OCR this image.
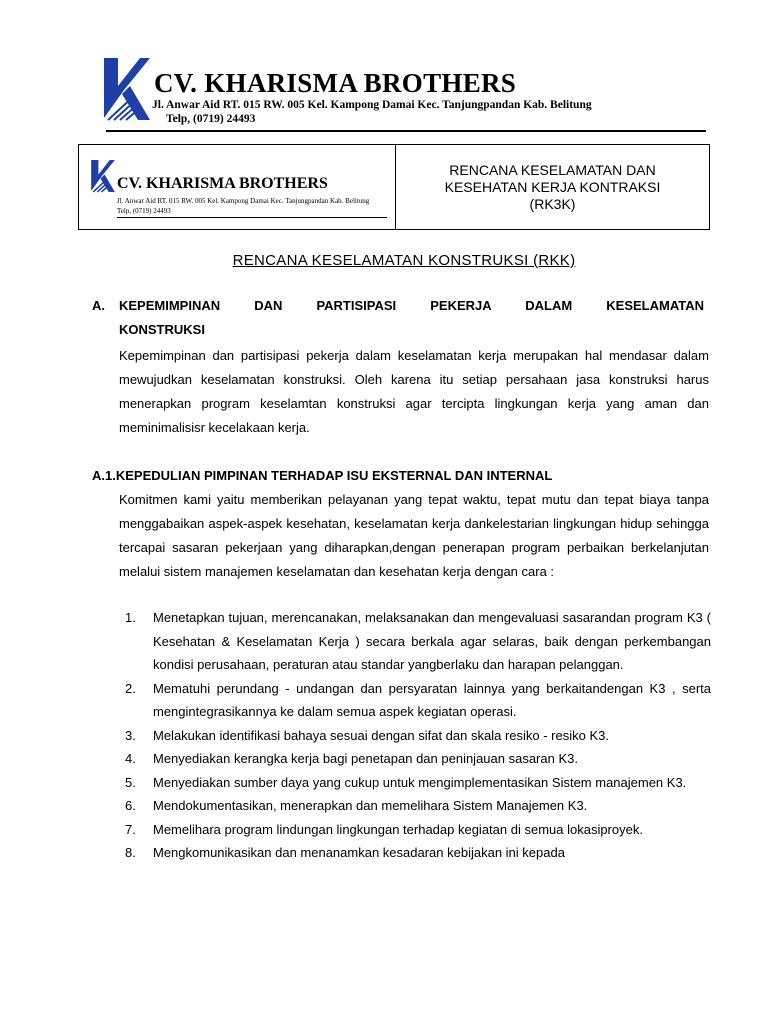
CV. KHARISMA BROTHERS
Jl. Anwar Aid RT. 015 RW. 005 Kel. Kampong Damai Kec. Tanjungpandan Kab. Belitung
Telp, (0719) 24493
CV. KHARISMA BROTHERS
Jl. Anwar Aid RT. 015 RW. 005 Kel. Kampong Damai Kec. Tanjungpandan Kab. Belitung
Telp, (0719) 24493
RENCANA KESELAMATAN DAN
KESEHATAN KERJA KONTRAKSI
(RK3K)
RENCANA KESELAMATAN KONSTRUKSI (RKK)
A. KEPEMIMPINAN DAN PARTISIPASI PEKERJA DALAM KESELAMATAN
KONSTRUKSI
Kepemimpinan dan partisipasi pekerja dalam keselamatan kerja merupakan hal mendasar dalam mewujudkan keselamatan konstruksi. Oleh karena itu setiap persahaan jasa konstruksi harus menerapkan program keselamtan konstruksi agar tercipta lingkungan kerja yang aman dan meminimalisisr kecelakaan kerja.
A.1.KEPEDULIAN PIMPINAN TERHADAP ISU EKSTERNAL DAN INTERNAL
Komitmen kami yaitu memberikan pelayanan yang tepat waktu, tepat mutu dan tepat biaya tanpa menggabaikan aspek-aspek kesehatan, keselamatan kerja dankelestarian lingkungan hidup sehingga tercapai sasaran pekerjaan yang diharapkan,dengan penerapan program perbaikan berkelanjutan melalui sistem manajemen keselamatan dan kesehatan kerja dengan cara :
1. Menetapkan tujuan, merencanakan, melaksanakan dan mengevaluasi sasarandan program K3 ( Kesehatan & Keselamatan Kerja ) secara berkala agar selaras, baik dengan perkembangan kondisi perusahaan, peraturan atau standar yangberlaku dan harapan pelanggan.
2. Mematuhi perundang - undangan dan persyaratan lainnya yang berkaitandengan K3 , serta mengintegrasikannya ke dalam semua aspek kegiatan operasi.
3. Melakukan identifikasi bahaya sesuai dengan sifat dan skala resiko - resiko K3.
4. Menyediakan kerangka kerja bagi penetapan dan peninjauan sasaran K3.
5. Menyediakan sumber daya yang cukup untuk mengimplementasikan Sistem manajemen K3.
6. Mendokumentasikan, menerapkan dan memelihara Sistem Manajemen K3.
7. Memelihara program lindungan lingkungan terhadap kegiatan di semua lokasiproyek.
8. Mengkomunikasikan dan menanamkan kesadaran kebijakan ini kepada
